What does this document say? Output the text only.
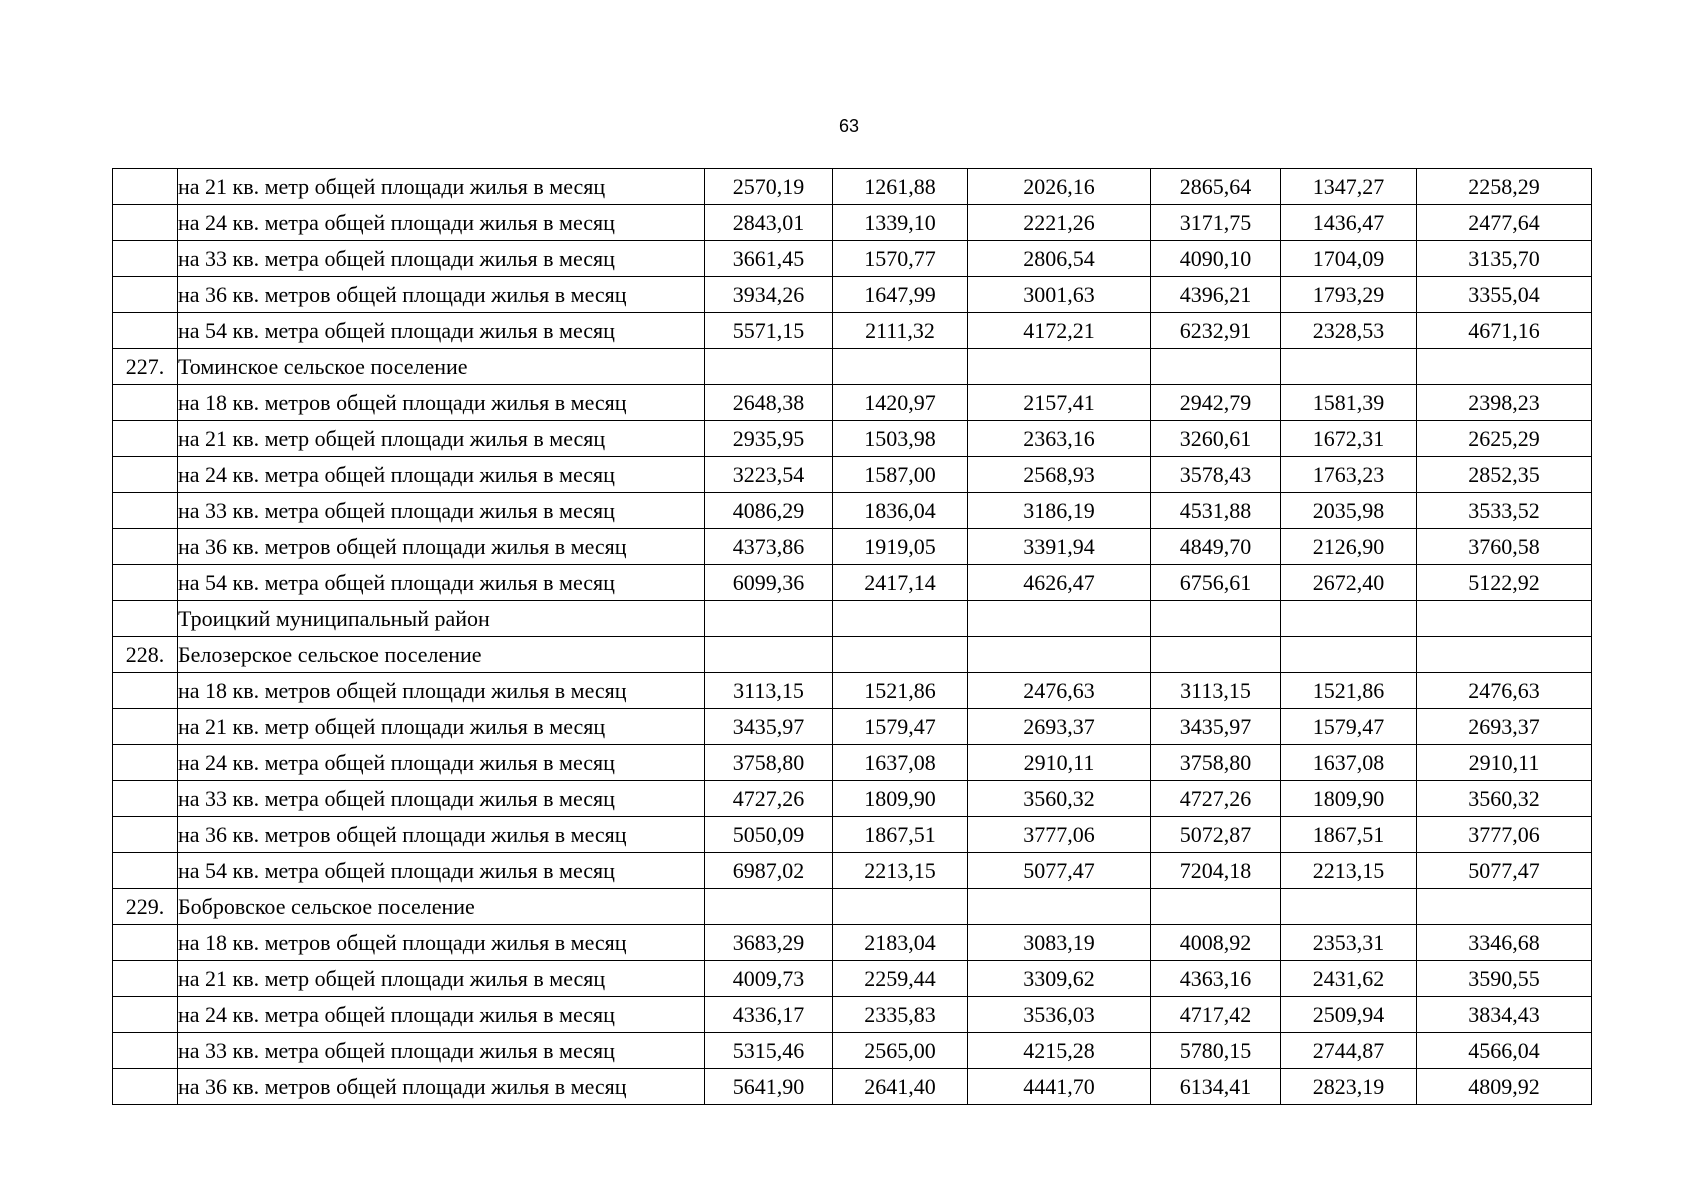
63
	на 21 кв. метр общей площади жилья в месяц	2570,19	1261,88	2026,16	2865,64	1347,27	2258,29
	на 24 кв. метра общей площади жилья в месяц	2843,01	1339,10	2221,26	3171,75	1436,47	2477,64
	на 33 кв. метра общей площади жилья в месяц	3661,45	1570,77	2806,54	4090,10	1704,09	3135,70
	на 36 кв. метров общей площади жилья в месяц	3934,26	1647,99	3001,63	4396,21	1793,29	3355,04
	на 54 кв. метра общей площади жилья в месяц	5571,15	2111,32	4172,21	6232,91	2328,53	4671,16
227.	Томинское сельское поселение						
	на 18 кв. метров общей площади жилья в месяц	2648,38	1420,97	2157,41	2942,79	1581,39	2398,23
	на 21 кв. метр общей площади жилья в месяц	2935,95	1503,98	2363,16	3260,61	1672,31	2625,29
	на 24 кв. метра общей площади жилья в месяц	3223,54	1587,00	2568,93	3578,43	1763,23	2852,35
	на 33 кв. метра общей площади жилья в месяц	4086,29	1836,04	3186,19	4531,88	2035,98	3533,52
	на 36 кв. метров общей площади жилья в месяц	4373,86	1919,05	3391,94	4849,70	2126,90	3760,58
	на 54 кв. метра общей площади жилья в месяц	6099,36	2417,14	4626,47	6756,61	2672,40	5122,92
	Троицкий муниципальный район						
228.	Белозерское сельское поселение						
	на 18 кв. метров общей площади жилья в месяц	3113,15	1521,86	2476,63	3113,15	1521,86	2476,63
	на 21 кв. метр общей площади жилья в месяц	3435,97	1579,47	2693,37	3435,97	1579,47	2693,37
	на 24 кв. метра общей площади жилья в месяц	3758,80	1637,08	2910,11	3758,80	1637,08	2910,11
	на 33 кв. метра общей площади жилья в месяц	4727,26	1809,90	3560,32	4727,26	1809,90	3560,32
	на 36 кв. метров общей площади жилья в месяц	5050,09	1867,51	3777,06	5072,87	1867,51	3777,06
	на 54 кв. метра общей площади жилья в месяц	6987,02	2213,15	5077,47	7204,18	2213,15	5077,47
229.	Бобровское сельское поселение						
	на 18 кв. метров общей площади жилья в месяц	3683,29	2183,04	3083,19	4008,92	2353,31	3346,68
	на 21 кв. метр общей площади жилья в месяц	4009,73	2259,44	3309,62	4363,16	2431,62	3590,55
	на 24 кв. метра общей площади жилья в месяц	4336,17	2335,83	3536,03	4717,42	2509,94	3834,43
	на 33 кв. метра общей площади жилья в месяц	5315,46	2565,00	4215,28	5780,15	2744,87	4566,04
	на 36 кв. метров общей площади жилья в месяц	5641,90	2641,40	4441,70	6134,41	2823,19	4809,92
